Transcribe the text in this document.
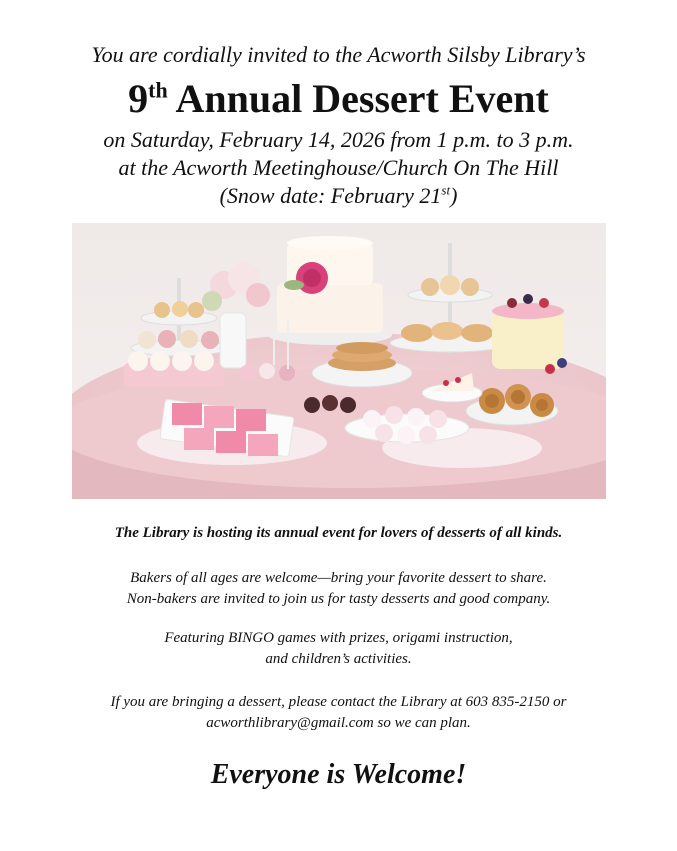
You are cordially invited to the Acworth Silsby Library’s
9th Annual Dessert Event
on Saturday, February 14, 2026 from 1 p.m. to 3 p.m.
at the Acworth Meetinghouse/Church On The Hill
(Snow date: February 21st)
The Library is hosting its annual event for lovers of desserts of all kinds.
Bakers of all ages are welcome—bring your favorite dessert to share.
Non-bakers are invited to join us for tasty desserts and good company.
Featuring BINGO games with prizes, origami instruction,
and children’s activities.
If you are bringing a dessert, please contact the Library at 603 835-2150 or
acworthlibrary@gmail.com so we can plan.
Everyone is Welcome!
